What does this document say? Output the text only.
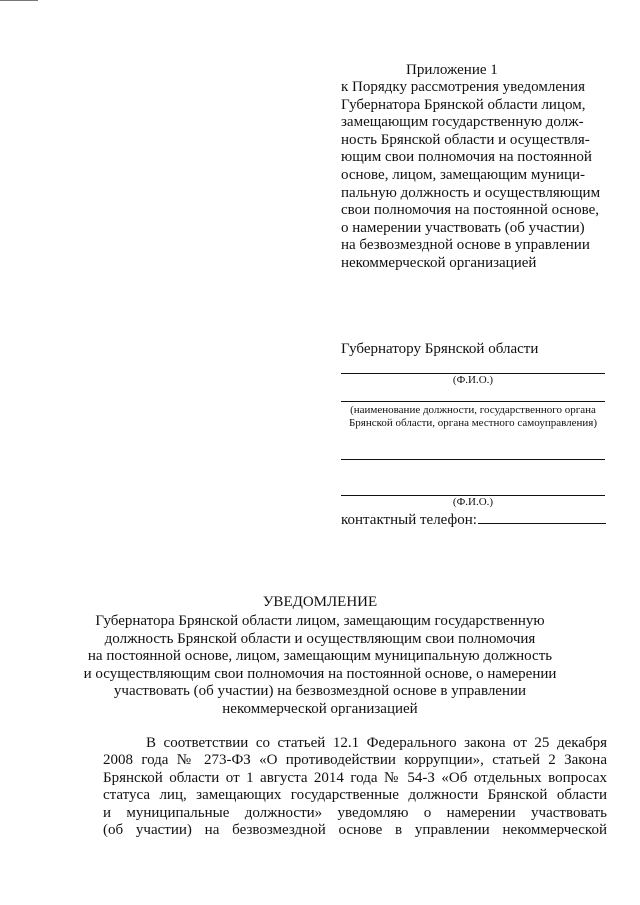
Приложение 1
к Порядку рассмотрения уведомления
Губернатора Брянской области лицом,
замещающим государственную долж-
ность Брянской области и осуществля-
ющим свои полномочия на постоянной
основе, лицом, замещающим муници-
пальную должность и осуществляющим
свои полномочия на постоянной основе,
о намерении участвовать (об участии)
на безвозмездной основе в управлении
некоммерческой организацией
Губернатору Брянской области
(Ф.И.О.)
(наименование должности, государственного органа Брянской области, органа местного самоуправления)
(Ф.И.О.)
контактный телефон:
УВЕДОМЛЕНИЕ
Губернатора Брянской области лицом, замещающим государственную
должность Брянской области и осуществляющим свои полномочия
на постоянной основе, лицом, замещающим муниципальную должность
и осуществляющим свои полномочия на постоянной основе, о намерении
участвовать (об участии) на безвозмездной основе в управлении
некоммерческой организацией
В соответствии со статьей 12.1 Федерального закона от 25 декабря
2008 года № 273-ФЗ «О противодействии коррупции», статьей 2 Закона
Брянской области от 1 августа 2014 года № 54-З «Об отдельных вопросах
статуса лиц, замещающих государственные должности Брянской области
и муниципальные должности» уведомляю о намерении участвовать
(об участии) на безвозмездной основе в управлении некоммерческой
